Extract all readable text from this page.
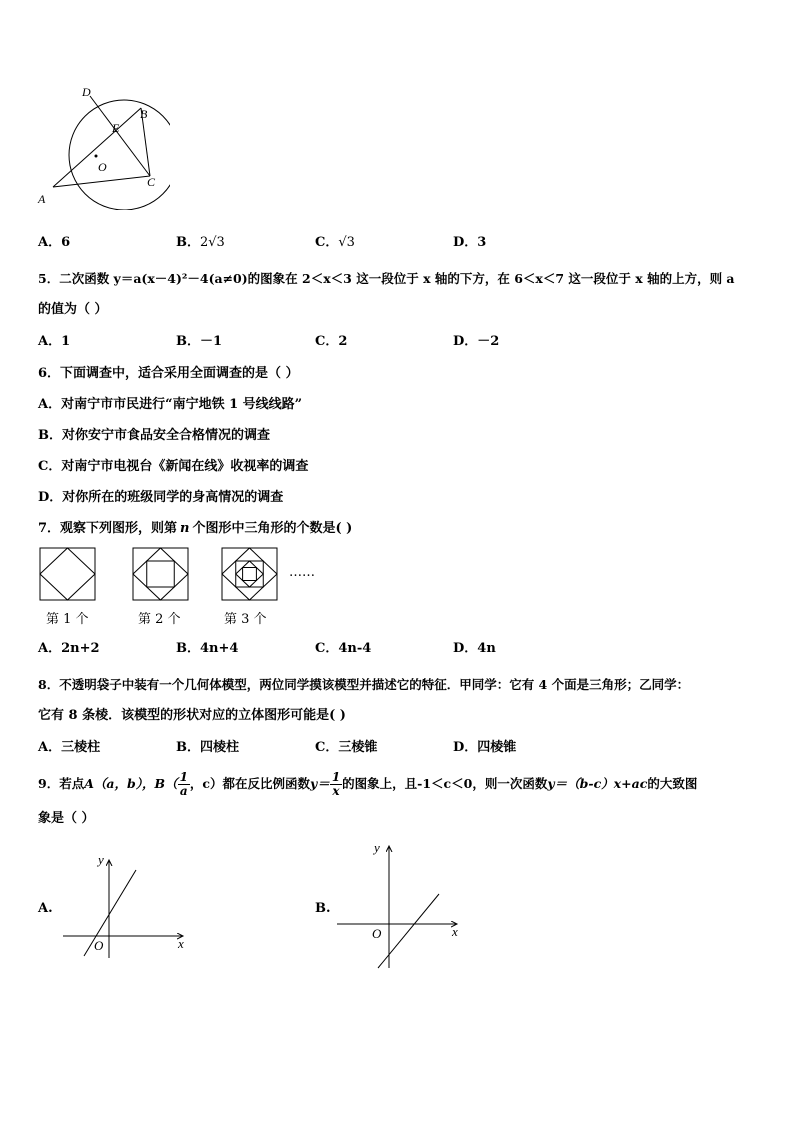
D
B
E
O
A
C
A．6	B．2√3	C．√3	D．3
5．二次函数 y＝a(x－4)²－4(a≠0)的图象在 2＜x＜3 这一段位于 x 轴的下方，在 6＜x＜7 这一段位于 x 轴的上方，则 a
的值为（ ）
A．1	B．－1	C．2	D．－2
6．下面调查中，适合采用全面调查的是（ ）
A．对南宁市市民进行“南宁地铁 1 号线线路”
B．对你安宁市食品安全合格情况的调查
C．对南宁市电视台《新闻在线》收视率的调查
D．对你所在的班级同学的身高情况的调查
7．观察下列图形，则第 n 个图形中三角形的个数是( )
……
第 1 个	第 2 个	第 3 个
A．2n+2	B．4n+4	C．4n-4	D．4n
8．不透明袋子中装有一个几何体模型，两位同学摸该模型并描述它的特征．甲同学：它有 4 个面是三角形；乙同学：
它有 8 条棱．该模型的形状对应的立体图形可能是( )
A．三棱柱	B．四棱柱	C．三棱锥	D．四棱锥
9．若点 A（a，b），$B( \frac{1}{a}$ ，c）都在反比例函数 $y= \frac{1}{x}$ 的图象上，且-1＜c＜0，则一次函数 y＝（b-c）x+ac 的大致图
象是（ ）
A.
x
y
O
B.
x
y
O
